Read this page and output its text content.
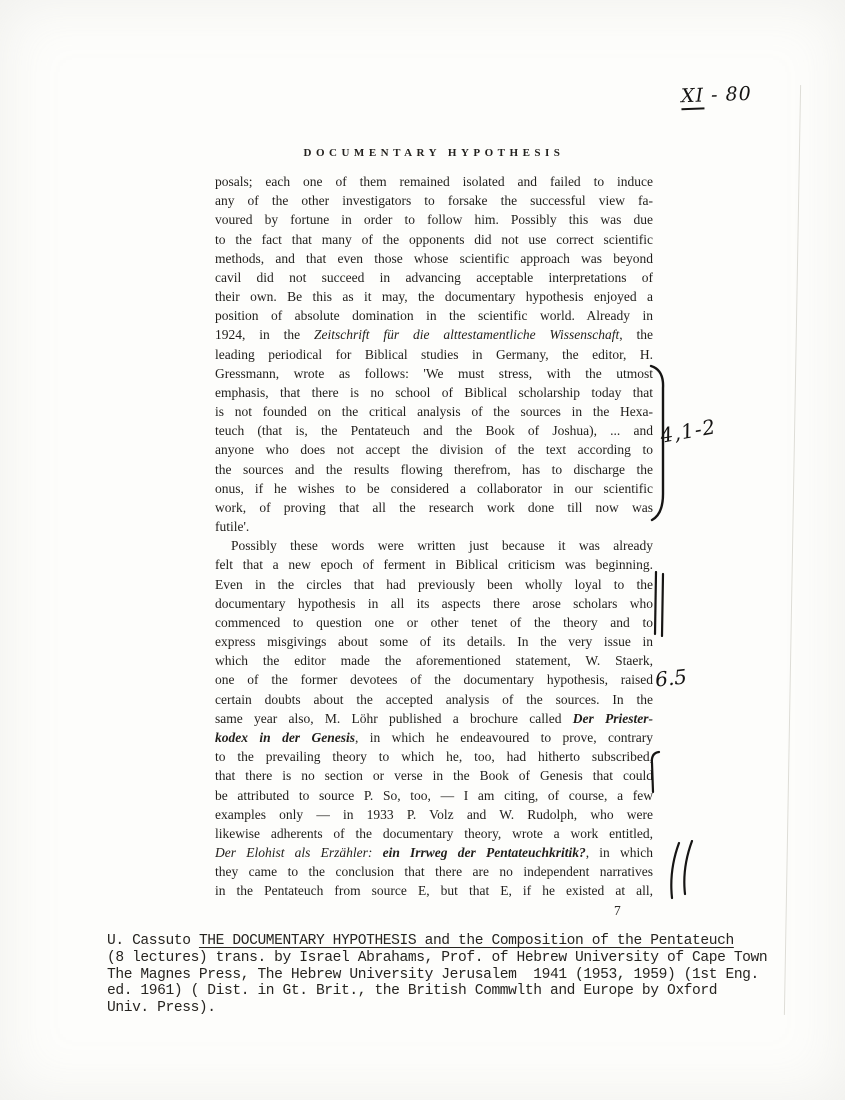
XI - 80
DOCUMENTARY HYPOTHESIS
posals; each one of them remained isolated and failed to induce
any of the other investigators to forsake the successful view fa-
voured by fortune in order to follow him. Possibly this was due
to the fact that many of the opponents did not use correct scientific
methods, and that even those whose scientific approach was beyond
cavil did not succeed in advancing acceptable interpretations of
their own. Be this as it may, the documentary hypothesis enjoyed a
position of absolute domination in the scientific world. Already in
1924, in the Zeitschrift für die alttestamentliche Wissenschaft, the
leading periodical for Biblical studies in Germany, the editor, H.
Gressmann, wrote as follows: 'We must stress, with the utmost
emphasis, that there is no school of Biblical scholarship today that
is not founded on the critical analysis of the sources in the Hexa-
teuch (that is, the Pentateuch and the Book of Joshua), ... and
anyone who does not accept the division of the text according to
the sources and the results flowing therefrom, has to discharge the
onus, if he wishes to be considered a collaborator in our scientific
work, of proving that all the research work done till now was
futile'.
Possibly these words were written just because it was already
felt that a new epoch of ferment in Biblical criticism was beginning.
Even in the circles that had previously been wholly loyal to the
documentary hypothesis in all its aspects there arose scholars who
commenced to question one or other tenet of the theory and to
express misgivings about some of its details. In the very issue in
which the editor made the aforementioned statement, W. Staerk,
one of the former devotees of the documentary hypothesis, raised
certain doubts about the accepted analysis of the sources. In the
same year also, M. Löhr published a brochure called Der Priester-
kodex in der Genesis, in which he endeavoured to prove, contrary
to the prevailing theory to which he, too, had hitherto subscribed,
that there is no section or verse in the Book of Genesis that could
be attributed to source P. So, too, — I am citing, of course, a few
examples only — in 1933 P. Volz and W. Rudolph, who were
likewise adherents of the documentary theory, wrote a work entitled,
Der Elohist als Erzähler: ein Irrweg der Pentateuchkritik?, in which
they came to the conclusion that there are no independent narratives
in the Pentateuch from source E, but that E, if he existed at all,
4,1-2
6.5
7
U. Cassuto THE DOCUMENTARY HYPOTHESIS and the Composition of the Pentateuch
(8 lectures) trans. by Israel Abrahams, Prof. of Hebrew University of Cape Town
The Magnes Press, The Hebrew University Jerusalem  1941 (1953, 1959) (1st Eng.
ed. 1961) ( Dist. in Gt. Brit., the British Commwlth and Europe by Oxford
Univ. Press).
